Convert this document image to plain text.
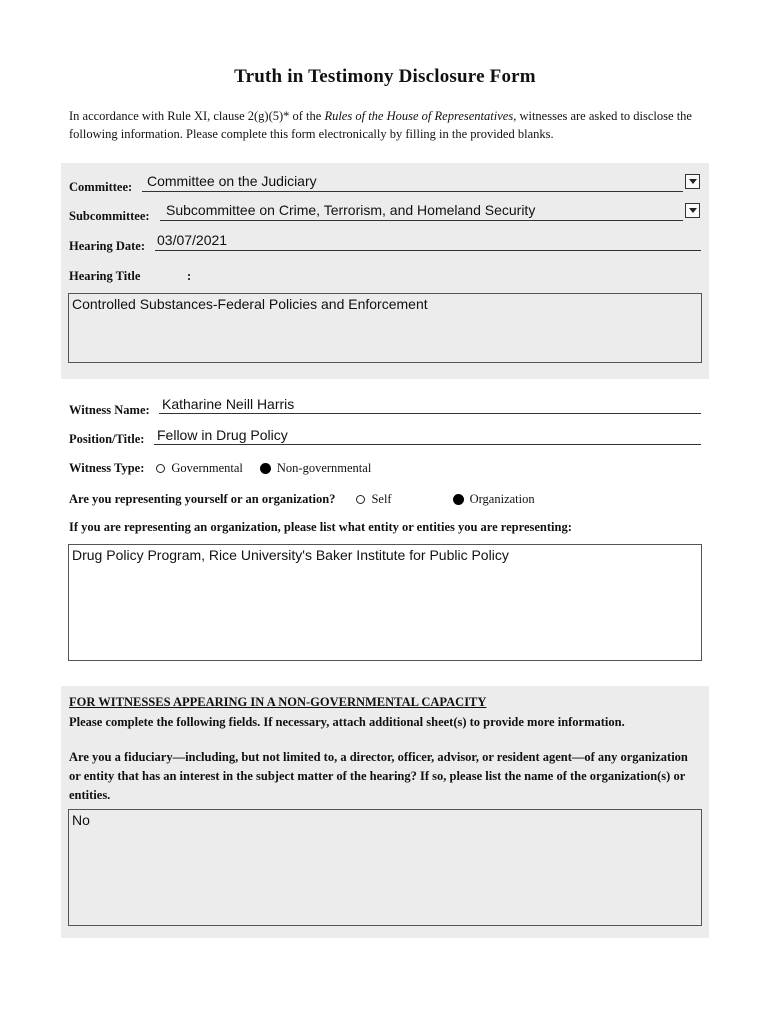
Truth in Testimony Disclosure Form
In accordance with Rule XI, clause 2(g)(5)* of the Rules of the House of Representatives, witnesses are asked to disclose the following information. Please complete this form electronically by filling in the provided blanks.
Committee: Committee on the Judiciary
Subcommittee: Subcommittee on Crime, Terrorism, and Homeland Security
Hearing Date: 03/07/2021
Hearing Title	:
Controlled Substances-Federal Policies and Enforcement
Witness Name: Katharine Neill Harris
Position/Title: Fellow in Drug Policy
Witness Type: Governmental	Non-governmental
Are you representing yourself or an organization?	Self	Organization
If you are representing an organization, please list what entity or entities you are representing:
Drug Policy Program, Rice University's Baker Institute for Public Policy
FOR WITNESSES APPEARING IN A NON-GOVERNMENTAL CAPACITY
Please complete the following fields. If necessary, attach additional sheet(s) to provide more information.
Are you a fiduciary—including, but not limited to, a director, officer, advisor, or resident agent—of any organization or entity that has an interest in the subject matter of the hearing? If so, please list the name of the organization(s) or entities.
No
